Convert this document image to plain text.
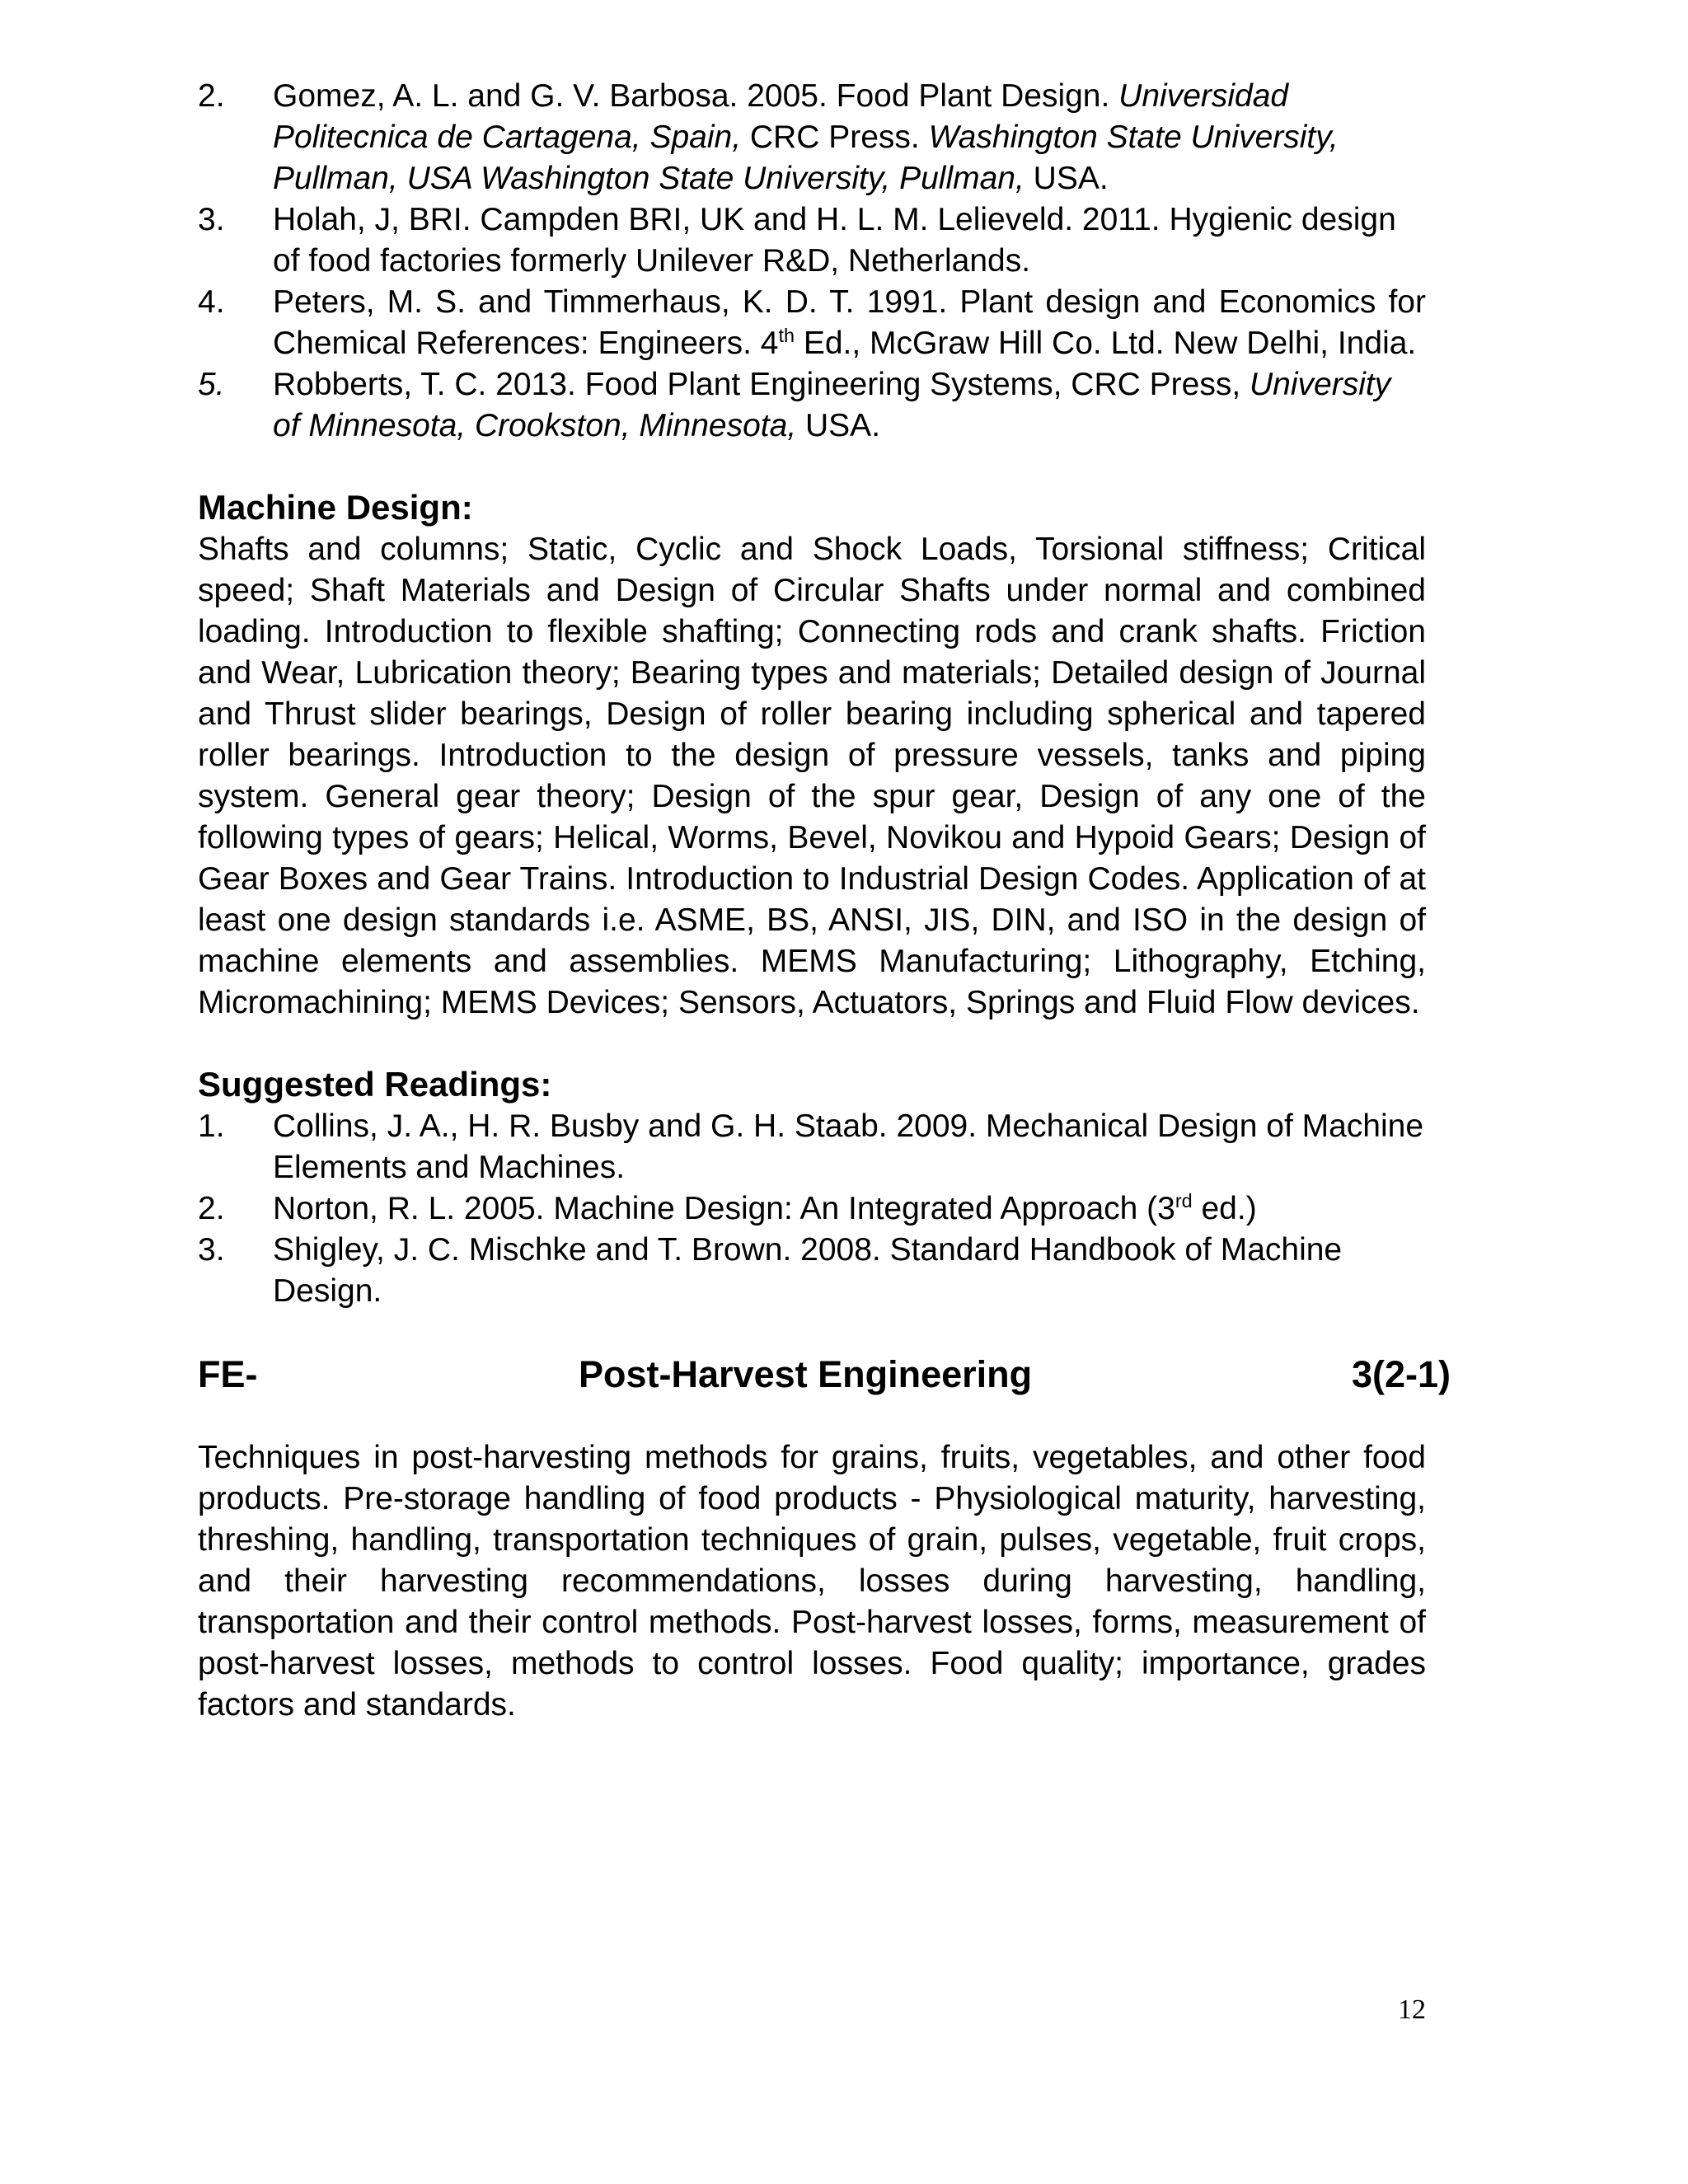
2.	Gomez, A. L. and G. V. Barbosa. 2005. Food Plant Design. Universidad Politecnica de Cartagena, Spain, CRC Press. Washington State University, Pullman, USA Washington State University, Pullman, USA.
3.	Holah, J, BRI. Campden BRI, UK and H. L. M. Lelieveld. 2011. Hygienic design of food factories formerly Unilever R&D, Netherlands.
4.	Peters, M. S. and Timmerhaus, K. D. T. 1991. Plant design and Economics for Chemical References: Engineers. 4th Ed., McGraw Hill Co. Ltd. New Delhi, India.
5.	Robberts, T. C. 2013. Food Plant Engineering Systems, CRC Press, University of Minnesota, Crookston, Minnesota, USA.
Machine Design:

Shafts and columns; Static, Cyclic and Shock Loads, Torsional stiffness; Critical speed; Shaft Materials and Design of Circular Shafts under normal and combined loading. Introduction to flexible shafting; Connecting rods and crank shafts. Friction and Wear, Lubrication theory; Bearing types and materials; Detailed design of Journal and Thrust slider bearings, Design of roller bearing including spherical and tapered roller bearings. Introduction to the design of pressure vessels, tanks and piping system. General gear theory; Design of the spur gear, Design of any one of the following types of gears; Helical, Worms, Bevel, Novikou and Hypoid Gears; Design of Gear Boxes and Gear Trains. Introduction to Industrial Design Codes. Application of at least one design standards i.e. ASME, BS, ANSI, JIS, DIN, and ISO in the design of machine elements and assemblies. MEMS Manufacturing; Lithography, Etching, Micromachining; MEMS Devices; Sensors, Actuators, Springs and Fluid Flow devices.

Suggested Readings:
1.	Collins, J. A., H. R. Busby and G. H. Staab. 2009. Mechanical Design of Machine Elements and Machines.
2.	Norton, R. L. 2005. Machine Design: An Integrated Approach (3rd ed.)
3.	Shigley, J. C. Mischke and T. Brown. 2008. Standard Handbook of Machine Design.
FE-	Post-Harvest Engineering	3(2-1)

Techniques in post-harvesting methods for grains, fruits, vegetables, and other food products. Pre-storage handling of food products - Physiological maturity, harvesting, threshing, handling, transportation techniques of grain, pulses, vegetable, fruit crops, and their harvesting recommendations, losses during harvesting, handling, transportation and their control methods. Post-harvest losses, forms, measurement of post-harvest losses, methods to control losses. Food quality; importance, grades factors and standards.

12
